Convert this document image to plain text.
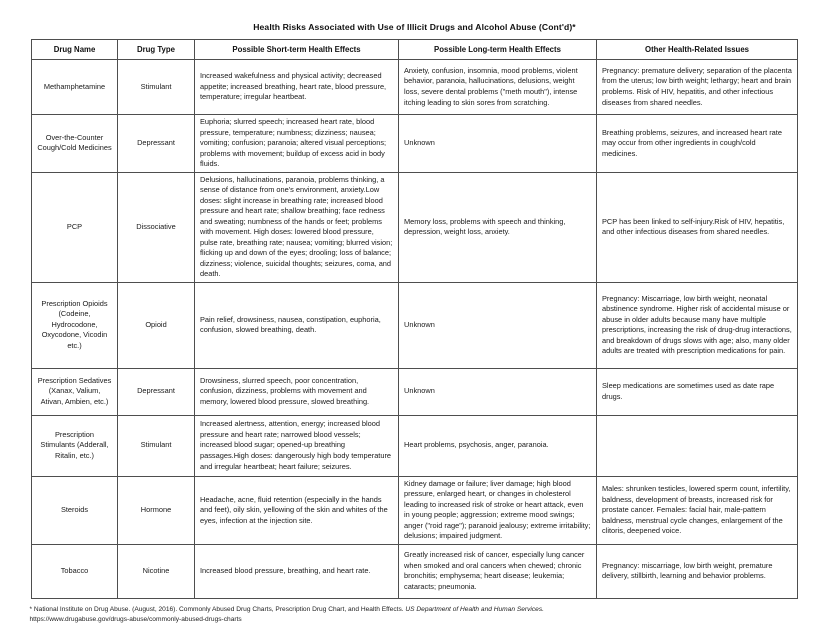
Health Risks Associated with Use of Illicit Drugs and Alcohol Abuse (Cont'd)*
Drug Name	Drug Type	Possible Short-term Health Effects	Possible Long-term Health Effects	Other Health-Related Issues
Methamphetamine	Stimulant	Increased wakefulness and physical activity; decreased appetite; increased breathing, heart rate, blood pressure, temperature; irregular heartbeat.	Anxiety, confusion, insomnia, mood problems, violent behavior, paranoia, hallucinations, delusions, weight loss, severe dental problems ("meth mouth"), intense itching leading to skin sores from scratching.	Pregnancy: premature delivery; separation of the placenta from the uterus; low birth weight; lethargy; heart and brain problems. Risk of HIV, hepatitis, and other infectious diseases from shared needles.
Over-the-Counter Cough/Cold Medicines	Depressant	Euphoria; slurred speech; increased heart rate, blood pressure, temperature; numbness; dizziness; nausea; vomiting; confusion; paranoia; altered visual perceptions; problems with movement; buildup of excess acid in body fluids.	Unknown	Breathing problems, seizures, and increased heart rate may occur from other ingredients in cough/cold medicines.
PCP	Dissociative	Delusions, hallucinations, paranoia, problems thinking, a sense of distance from one's environment, anxiety.Low doses: slight increase in breathing rate; increased blood pressure and heart rate; shallow breathing; face redness and sweating; numbness of the hands or feet; problems with movement. High doses: lowered blood pressure, pulse rate, breathing rate; nausea; vomiting; blurred vision; flicking up and down of the eyes; drooling; loss of balance; dizziness; violence, suicidal thoughts; seizures, coma, and death.	Memory loss, problems with speech and thinking, depression, weight loss, anxiety.	PCP has been linked to self-injury.Risk of HIV, hepatitis, and other infectious diseases from shared needles.
Prescription Opioids (Codeine, Hydrocodone, Oxycodone, Vicodin etc.)	Opioid	Pain relief, drowsiness, nausea, constipation, euphoria, confusion, slowed breathing, death.	Unknown	Pregnancy: Miscarriage, low birth weight, neonatal abstinence syndrome. Higher risk of accidental misuse or abuse in older adults because many have multiple prescriptions, increasing the risk of drug-drug interactions, and breakdown of drugs slows with age; also, many older adults are treated with prescription medications for pain.
Prescription Sedatives (Xanax, Valium, Ativan, Ambien, etc.)	Depressant	Drowsiness, slurred speech, poor concentration, confusion, dizziness, problems with movement and memory, lowered blood pressure, slowed breathing.	Unknown	Sleep medications are sometimes used as date rape drugs.
Prescription Stimulants (Adderall, Ritalin, etc.)	Stimulant	Increased alertness, attention, energy; increased blood pressure and heart rate; narrowed blood vessels; increased blood sugar; opened-up breathing passages.High doses: dangerously high body temperature and irregular heartbeat; heart failure; seizures.	Heart problems, psychosis, anger, paranoia.	
Steroids	Hormone	Headache, acne, fluid retention (especially in the hands and feet), oily skin, yellowing of the skin and whites of the eyes, infection at the injection site.	Kidney damage or failure; liver damage; high blood pressure, enlarged heart, or changes in cholesterol leading to increased risk of stroke or heart attack, even in young people; aggression; extreme mood swings; anger ("roid rage"); paranoid jealousy; extreme irritability; delusions; impaired judgment.	Males: shrunken testicles, lowered sperm count, infertility, baldness, development of breasts, increased risk for prostate cancer. Females: facial hair, male-pattern baldness, menstrual cycle changes, enlargement of the clitoris, deepened voice.
Tobacco	Nicotine	Increased blood pressure, breathing, and heart rate.	Greatly increased risk of cancer, especially lung cancer when smoked and oral cancers when chewed; chronic bronchitis; emphysema; heart disease; leukemia; cataracts; pneumonia.	Pregnancy: miscarriage, low birth weight, premature delivery, stillbirth, learning and behavior problems.
* National Institute on Drug Abuse. (August, 2016). Commonly Abused Drug Charts, Prescription Drug Chart, and Health Effects. US Department of Health and Human Services.
https://www.drugabuse.gov/drugs-abuse/commonly-abused-drugs-charts
